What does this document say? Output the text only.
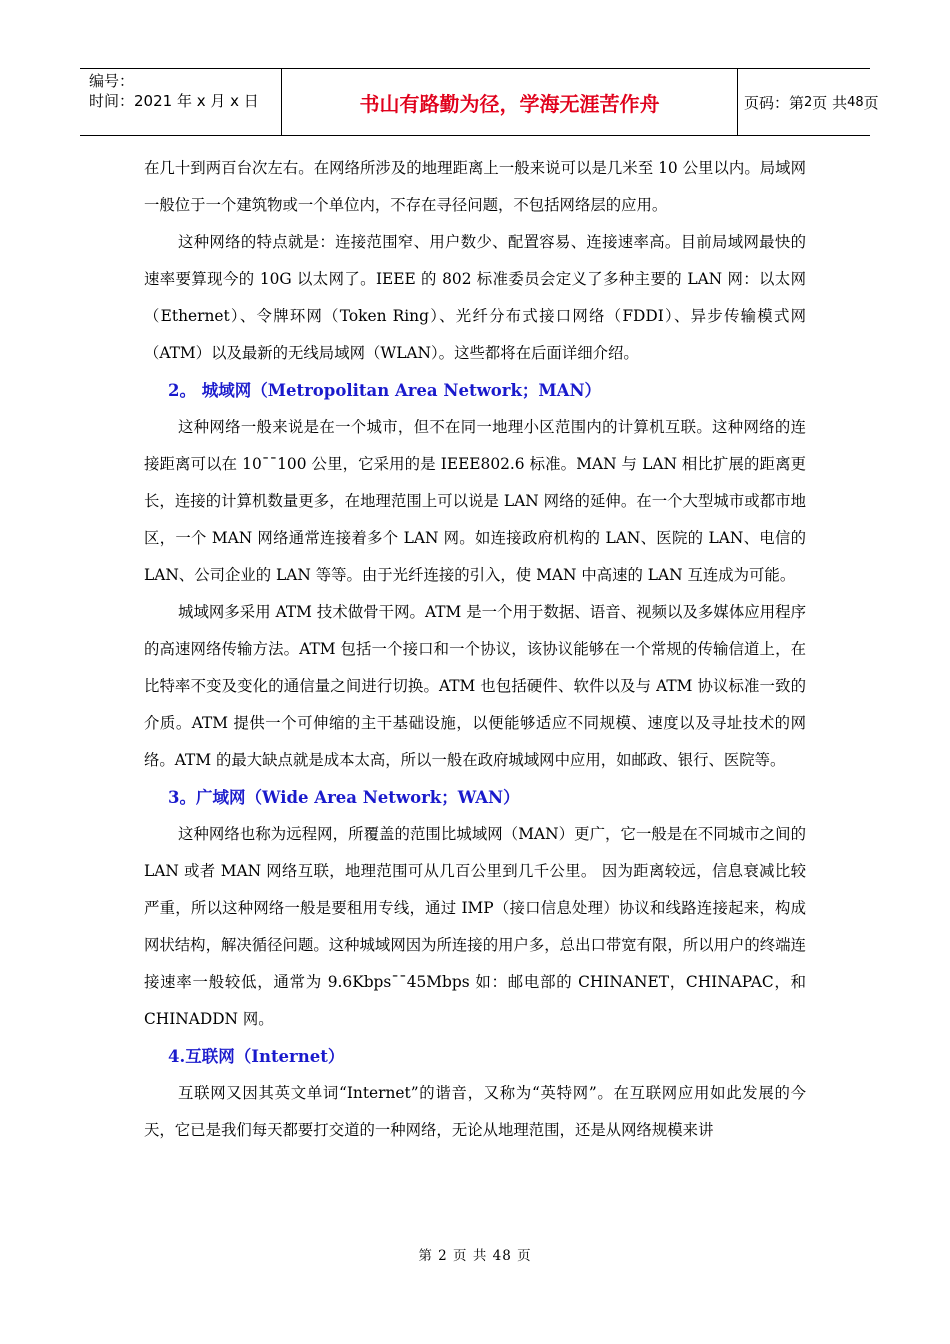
编号：
时间：2021 年 x 月 x 日	书山有路勤为径，学海无涯苦作舟	页码：第 2 页 共 48 页

在几十到两百台次左右。在网络所涉及的地理距离上一般来说可以是几米至 10 公里以内。局域网一般位于一个建筑物或一个单位内，不存在寻径问题，不包括网络层的应用。

这种网络的特点就是：连接范围窄、用户数少、配置容易、连接速率高。目前局域网最快的速率要算现今的 10G 以太网了。IEEE 的 802 标准委员会定义了多种主要的 LAN 网：以太网（Ethernet）、令牌环网（Token Ring）、光纤分布式接口网络（FDDI）、异步传输模式网（ATM）以及最新的无线局域网（WLAN）。这些都将在后面详细介绍。

2。 城域网（Metropolitan Area Network；MAN）

这种网络一般来说是在一个城市，但不在同一地理小区范围内的计算机互联。这种网络的连接距离可以在 10¯¯100 公里，它采用的是 IEEE802.6 标准。MAN 与 LAN 相比扩展的距离更长，连接的计算机数量更多，在地理范围上可以说是 LAN 网络的延伸。在一个大型城市或都市地区，一个 MAN 网络通常连接着多个 LAN 网。如连接政府机构的 LAN、医院的 LAN、电信的 LAN、公司企业的 LAN 等等。由于光纤连接的引入，使 MAN 中高速的 LAN 互连成为可能。

城域网多采用 ATM 技术做骨干网。ATM 是一个用于数据、语音、视频以及多媒体应用程序的高速网络传输方法。ATM 包括一个接口和一个协议，该协议能够在一个常规的传输信道上，在比特率不变及变化的通信量之间进行切换。ATM 也包括硬件、软件以及与 ATM 协议标准一致的介质。ATM 提供一个可伸缩的主干基础设施，以便能够适应不同规模、速度以及寻址技术的网络。ATM 的最大缺点就是成本太高，所以一般在政府城域网中应用，如邮政、银行、医院等。

3。广域网（Wide Area Network；WAN）

这种网络也称为远程网，所覆盖的范围比城域网（MAN）更广，它一般是在不同城市之间的 LAN 或者 MAN 网络互联，地理范围可从几百公里到几千公里。 因为距离较远，信息衰减比较严重，所以这种网络一般是要租用专线，通过 IMP（接口信息处理）协议和线路连接起来，构成网状结构，解决循径问题。这种城域网因为所连接的用户多，总出口带宽有限，所以用户的终端连接速率一般较低，通常为 9.6Kbps¯¯45Mbps 如：邮电部的 CHINANET，CHINAPAC，和 CHINADDN 网。

4.互联网（Internet）

互联网又因其英文单词“Internet”的谐音，又称为“英特网”。在互联网应用如此发展的今天，它已是我们每天都要打交道的一种网络，无论从地理范围，还是从网络规模来讲

第 2 页 共 48 页
